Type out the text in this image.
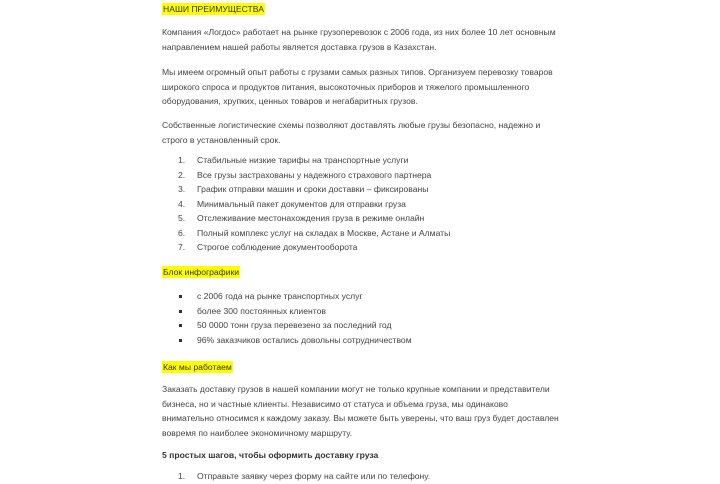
НАШИ ПРЕИМУЩЕСТВА
Компания «Логдос» работает на рынке грузоперевозок с 2006 года, из них более 10 лет основным
направлением нашей работы является доставка грузов в Казахстан.
Мы имеем огромный опыт работы с грузами самых разных типов. Организуем перевозку товаров
широкого спроса и продуктов питания, высокоточных приборов и тяжелого промышленного
оборудования, хрупких, ценных товаров и негабаритных грузов.
Собственные логистические схемы позволяют доставлять любые грузы безопасно, надежно и
строго в установленный срок.
1. Стабильные низкие тарифы на транспортные услуги
2. Все грузы застрахованы у надежного страхового партнера
3. График отправки машин и сроки доставки – фиксированы
4. Минимальный пакет документов для отправки груза
5. Отслеживание местонахождения груза в режиме онлайн
6. Полный комплекс услуг на складах в Москве, Астане и Алматы
7. Строгое соблюдение документооборота
Блок инфографики
с 2006 года на рынке транспортных услуг
более 300 постоянных клиентов
50 0000 тонн груза перевезено за последний год
96% заказчиков остались довольны сотрудничеством
Как мы работаем
Заказать доставку грузов в нашей компании могут не только крупные компании и представители
бизнеса, но и частные клиенты. Независимо от статуса и объема груза, мы одинаково
внимательно относимся к каждому заказу. Вы можете быть уверены, что ваш груз будет доставлен
вовремя по наиболее экономичному маршруту.
5 простых шагов, чтобы оформить доставку груза
1. Отправьте заявку через форму на сайте или по телефону.
